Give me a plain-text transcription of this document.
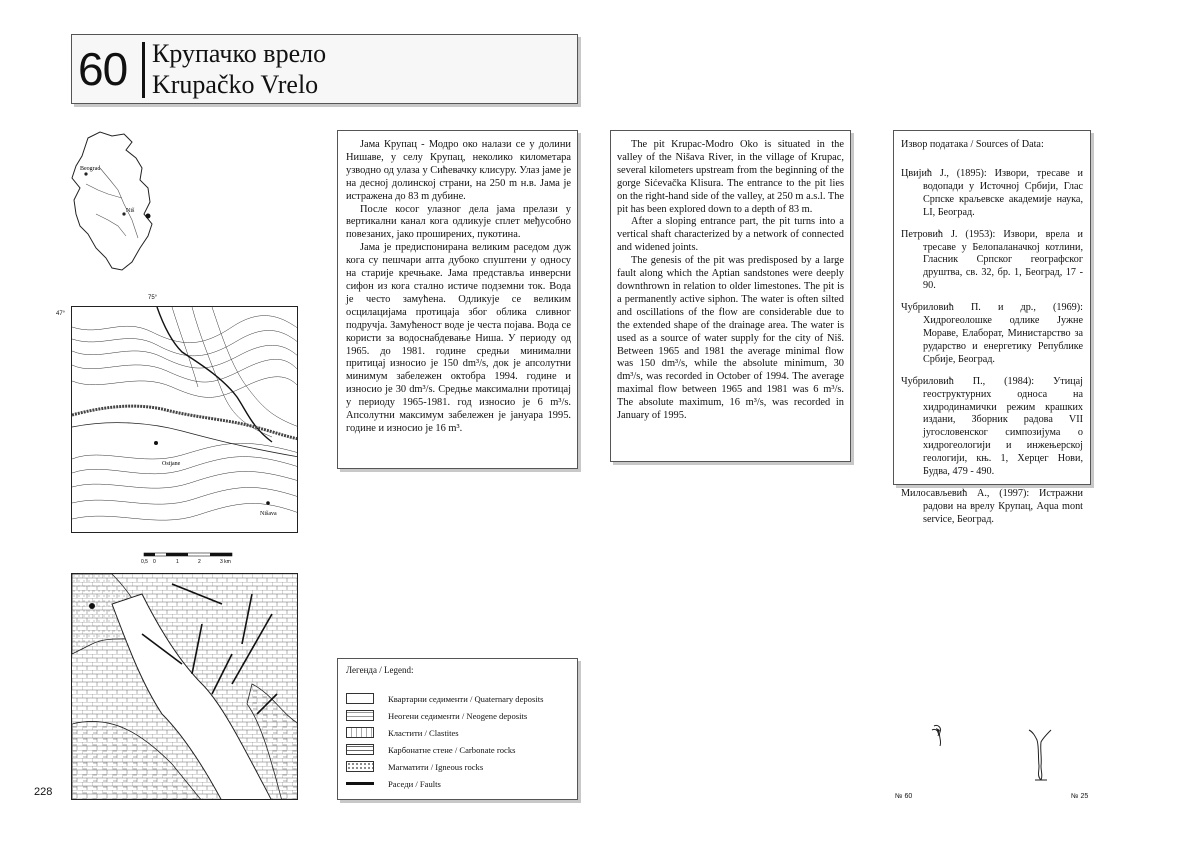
60 Крупачко врело
Krupačko Vrelo
Beograd
Niš
75°
47°
Ostjane
Nišava
0,5 0	1	2	3 km

Јама Крупац - Модро око налази се у долини Нишаве, у селу Крупац, неколико километара узводно од улаза у Сићевачку клисуру. Улаз јаме је на десној долинској страни, на 250 m н.в. Јама је истражена до 83 m дубине.

После косог улазног дела јама прелази у вертикални канал кога одликује сплет међусобно повезаних, јако проширених, пукотина.

Јама је предиспонирана великим раседом дуж кога су пешчари апта дубоко спуштени у односу на старије кречњаке. Јама представља инверсни сифон из кога стално истиче подземни ток. Вода је често замућена. Одликује се великим осцилацијама протицаја због облика сливног подручја. Замућеност воде је честа појава. Вода се користи за водоснабдевање Ниша. У периоду од 1965. до 1981. године средњи минимални притицај износио је 150 dm³/s, док је апсолутни минимум забележен октобра 1994. године и износио је 30 dm³/s. Средње максимални протицај у периоду 1965-1981. год износио је 6 m³/s. Апсолутни максимум забележен је јануара 1995. године и износио је 16 m³.

The pit Krupac-Modro Oko is situated in the valley of the Nišava River, in the village of Krupac, several kilometers upstream from the beginning of the gorge Sićevačka Klisura. The entrance to the pit lies on the right-hand side of the valley, at 250 m a.s.l. The pit has been explored down to a depth of 83 m.

After a sloping entrance part, the pit turns into a vertical shaft characterized by a network of connected and widened joints.

The genesis of the pit was predisposed by a large fault along which the Aptian sandstones were deeply downthrown in relation to older limestones. The pit is a permanently active siphon. The water is often silted and oscillations of the flow are considerable due to the extended shape of the drainage area. The water is used as a source of water supply for the city of Niš. Between 1965 and 1981 the average minimal flow was 150 dm³/s, while the absolute minimum, 30 dm³/s, was recorded in October of 1994. The average maximal flow between 1965 and 1981 was 6 m³/s. The absolute maximum, 16 m³/s, was recorded in January of 1995.

Извор података / Sources of Data:
Цвијић Ј., (1895): Извори, тресаве и водопади у Источној Србији, Глас Српске краљевске академије наука, LI, Београд.
Петровић Ј. (1953): Извори, врела и тресаве у Белопаланачкој котлини, Гласник Српског географског друштва, св. 32, бр. 1, Београд, 17 - 90.
Чубриловић П. и др., (1969): Хидрогеолошке одлике Јужне Мораве, Елаборат, Министарство за рударство и енергетику Републике Србије, Београд.
Чубриловић П., (1984): Утицај геоструктурних односа на хидродинамички режим крашких издани, Зборник радова VII југословенског симпозијума о хидрогеологији и инжењерској геологији, књ. 1, Херцег Нови, Будва, 479 - 490.
Милосављевић А., (1997): Истражни радови на врелу Крупац, Aqua mont service, Београд.
Легенда / Legend:
Квартарни седименти / Quaternary deposits
Неогени седименти / Neogene deposits
Кластити / Clastites
Карбонатне стене / Carbonate rocks
Магматити / Igneous rocks
Раседи / Faults
228	№ 60	№ 25
